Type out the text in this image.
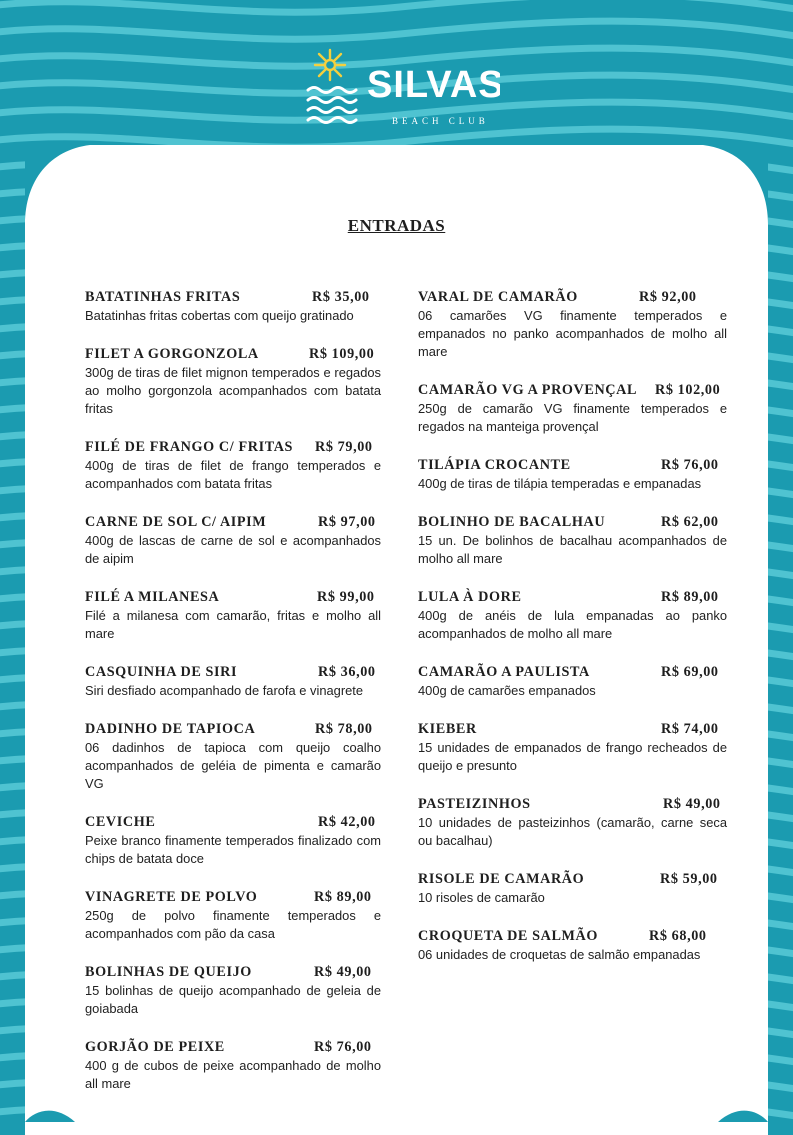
SILVAS
BEACH CLUB
ENTRADAS
BATATINHAS FRITAS	R$ 35,00
Batatinhas fritas cobertas com queijo gratinado
FILET A GORGONZOLA	R$ 109,00
300g de tiras de filet mignon temperados e regados ao molho gorgonzola acompanhados com batata fritas
FILÉ DE FRANGO C/ FRITAS R$ 79,00
400g de tiras de filet de frango temperados e acompanhados com batata fritas
CARNE DE SOL C/ AIPIM	R$ 97,00
400g de lascas de carne de sol e acompanhados de aipim
FILÉ A MILANESA	R$ 99,00
Filé a milanesa com camarão, fritas e molho all mare
CASQUINHA DE SIRI	R$ 36,00
Siri desfiado acompanhado de farofa e vinagrete
DADINHO DE TAPIOCA	R$ 78,00
06 dadinhos de tapioca com queijo coalho acompanhados de geléia de pimenta e camarão VG
CEVICHE	R$ 42,00
Peixe branco finamente temperados finalizado com chips de batata doce
VINAGRETE DE POLVO	R$ 89,00
250g de polvo finamente temperados e acompanhados com pão da casa
BOLINHAS DE QUEIJO	R$ 49,00
15 bolinhas de queijo acompanhado de geleia de goiabada
GORJÃO DE PEIXE	R$ 76,00
400 g de cubos de peixe acompanhado de molho all mare
VARAL DE CAMARÃO	R$ 92,00
06 camarões VG finamente temperados e empanados no panko acompanhados de molho all mare
CAMARÃO VG A PROVENÇAL R$ 102,00
250g de camarão VG finamente temperados e regados na manteiga provençal
TILÁPIA CROCANTE	R$ 76,00
400g de tiras de tilápia temperadas e empanadas
BOLINHO DE BACALHAU	R$ 62,00
15 un. De bolinhos de bacalhau acompanhados de molho all mare
LULA À DORE	R$ 89,00
400g de anéis de lula empanadas ao panko acompanhados de molho all mare
CAMARÃO A PAULISTA	R$ 69,00
400g de camarões empanados
KIEBER	R$ 74,00
15 unidades de empanados de frango recheados de queijo e presunto
PASTEIZINHOS	R$ 49,00
10 unidades de pasteizinhos (camarão, carne seca ou bacalhau)
RISOLE DE CAMARÃO	R$ 59,00
10 risoles de camarão
CROQUETA DE SALMÃO	R$ 68,00
06 unidades de croquetas de salmão empanadas
